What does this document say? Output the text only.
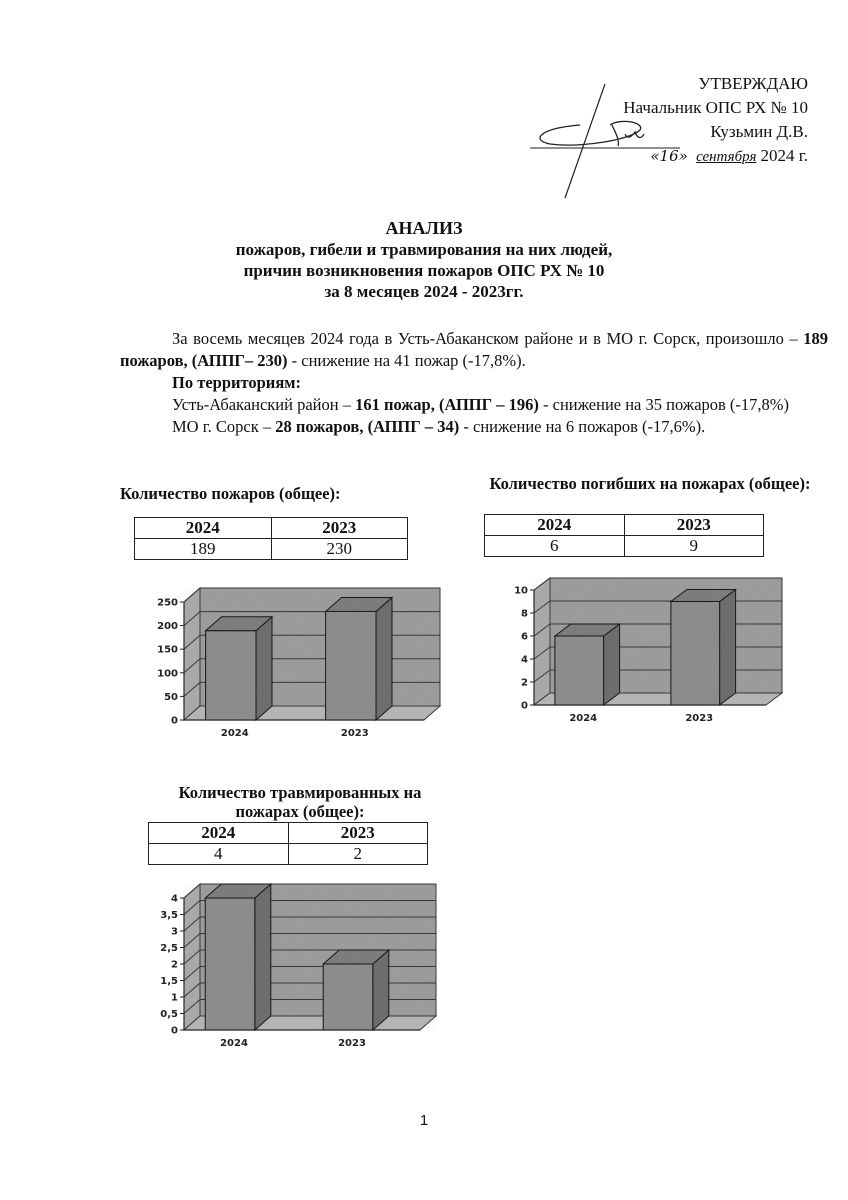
УТВЕРЖДАЮ
Начальник ОПС РХ № 10
Кузьмин Д.В.
«16» сентября 2024 г.
АНАЛИЗ
пожаров, гибели и травмирования на них людей,
причин возникновения пожаров ОПС РХ № 10
за 8 месяцев 2024 - 2023гг.

За восемь месяцев 2024 года в Усть-Абаканском районе и в МО г. Сорск, произошло – 189 пожаров, (АППГ– 230) - снижение на 41 пожар (-17,8%).

По территориям:

Усть-Абаканский район – 161 пожар, (АППГ – 196) - снижение на 35 пожаров (-17,8%)

МО г. Сорск – 28 пожаров, (АППГ – 34) - снижение на 6 пожаров (-17,6%).

Количество пожаров (общее):
2024	2023
189	230
Количество погибших на пожарах (общее):
2024	2023
6	9
Количество травмированных на пожарах (общее):
2024	2023
4	2
0
50
100
150
200
250
2024	2023
0
2
4
6
8
10
2024	2023
0
0,5
1
1,5
2
2,5
3
3,5
4
2024	2023
1
